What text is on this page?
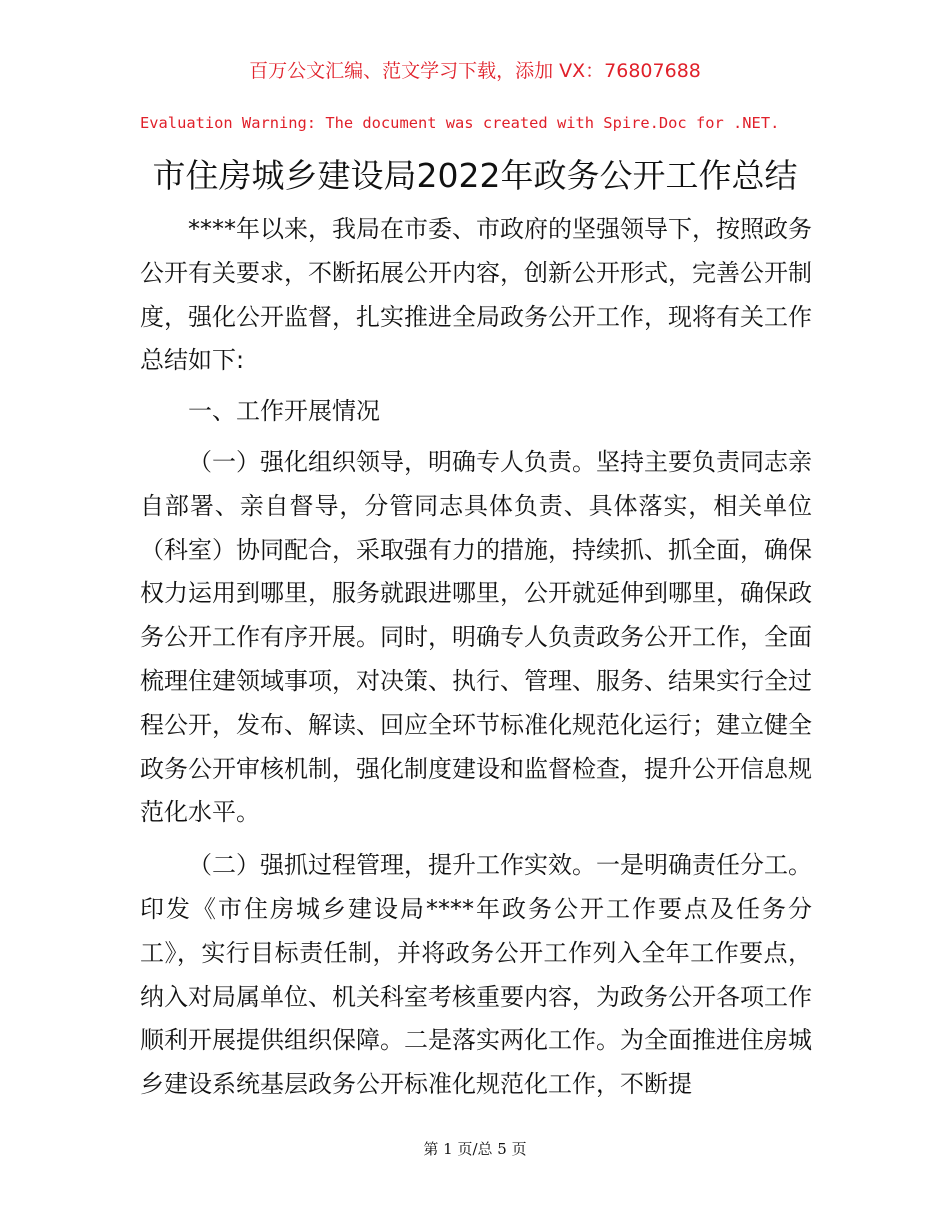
百万公文汇编、范文学习下载，添加 VX：76807688
Evaluation Warning: The document was created with Spire.Doc for .NET.
市住房城乡建设局2022年政务公开工作总结

****年以来，我局在市委、市政府的坚强领导下，按照政务公开有关要求，不断拓展公开内容，创新公开形式，完善公开制度，强化公开监督，扎实推进全局政务公开工作，现将有关工作总结如下:

一、工作开展情况

（一）强化组织领导，明确专人负责。坚持主要负责同志亲自部署、亲自督导，分管同志具体负责、具体落实，相关单位（科室）协同配合，采取强有力的措施，持续抓、抓全面，确保权力运用到哪里，服务就跟进哪里，公开就延伸到哪里，确保政务公开工作有序开展。同时，明确专人负责政务公开工作，全面梳理住建领域事项，对决策、执行、管理、服务、结果实行全过程公开，发布、解读、回应全环节标准化规范化运行；建立健全政务公开审核机制，强化制度建设和监督检查，提升公开信息规范化水平。

（二）强抓过程管理，提升工作实效。一是明确责任分工。印发《市住房城乡建设局****年政务公开工作要点及任务分工》，实行目标责任制，并将政务公开工作列入全年工作要点，纳入对局属单位、机关科室考核重要内容，为政务公开各项工作顺利开展提供组织保障。二是落实两化工作。为全面推进住房城乡建设系统基层政务公开标准化规范化工作，不断提

第 1 页/总 5 页
